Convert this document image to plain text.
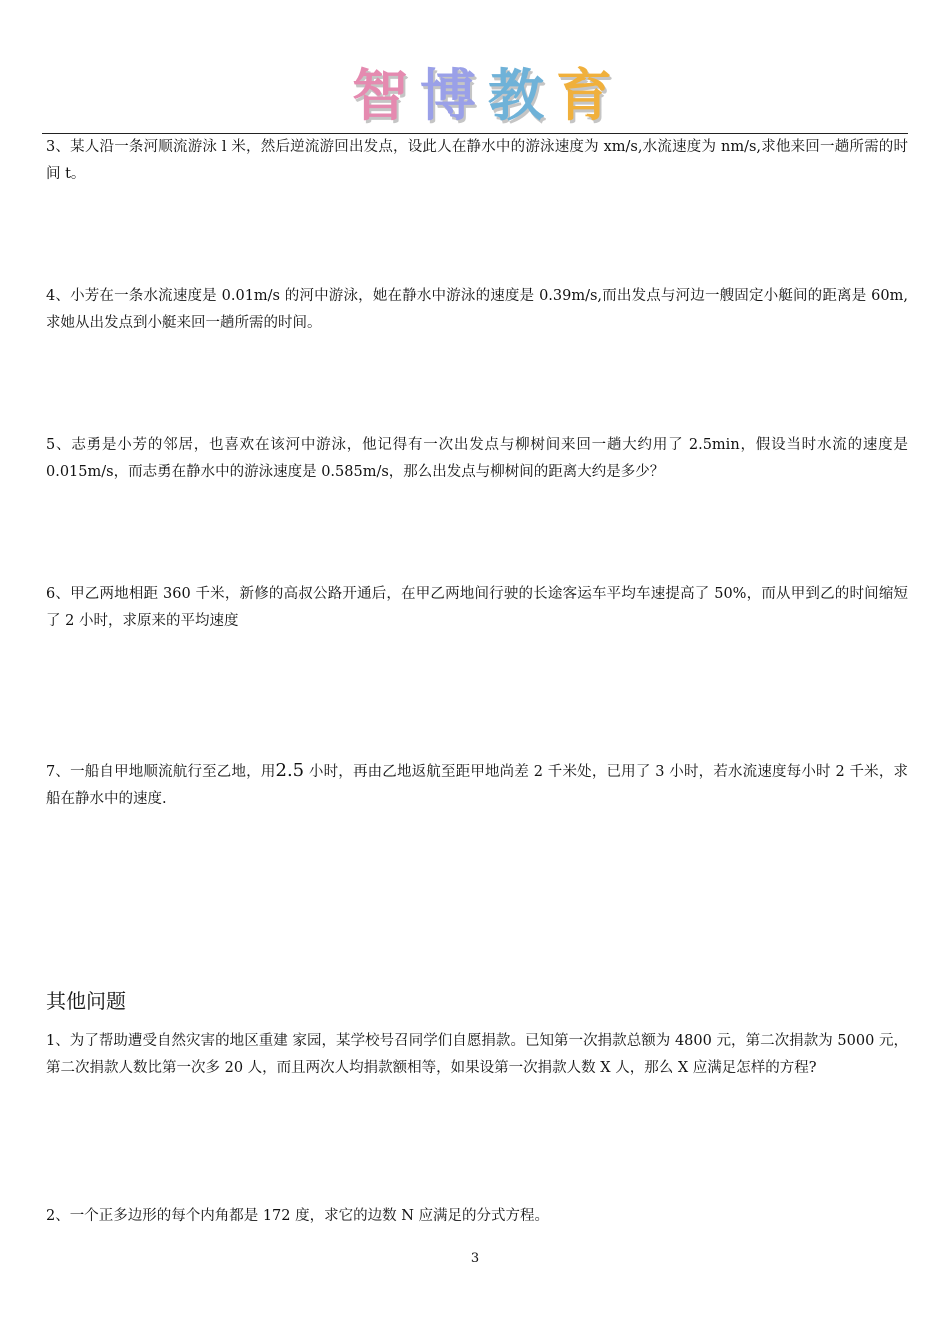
智 博 教 育
3、某人沿一条河顺流游泳 l 米，然后逆流游回出发点，设此人在静水中的游泳速度为 xm/s,水流速度为 nm/s,求他来回一趟所需的时间 t。
4、小芳在一条水流速度是 0.01m/s 的河中游泳，她在静水中游泳的速度是 0.39m/s,而出发点与河边一艘固定小艇间的距离是 60m,求她从出发点到小艇来回一趟所需的时间。
5、志勇是小芳的邻居，也喜欢在该河中游泳，他记得有一次出发点与柳树间来回一趟大约用了 2.5min，假设当时水流的速度是 0.015m/s，而志勇在静水中的游泳速度是 0.585m/s，那么出发点与柳树间的距离大约是多少？
6、甲乙两地相距 360 千米，新修的高叔公路开通后，在甲乙两地间行驶的长途客运车平均车速提高了 50%，而从甲到乙的时间缩短 了 2 小时，求原来的平均速度
7、一船自甲地顺流航行至乙地，用2.5 小时，再由乙地返航至距甲地尚差 2 千米处，已用了 3 小时，若水流速度每小时 2 千米，求船在静水中的速度.
其他问题
1、为了帮助遭受自然灾害的地区重建 家园，某学校号召同学们自愿捐款。已知第一次捐款总额为 4800 元，第二次捐款为 5000 元，第二次捐款人数比第一次多 20 人，而且两次人均捐款额相等，如果设第一次捐款人数 X 人，那么 X 应满足怎样的方程?
2、一个正多边形的每个内角都是 172 度，求它的边数 N 应满足的分式方程。
3
